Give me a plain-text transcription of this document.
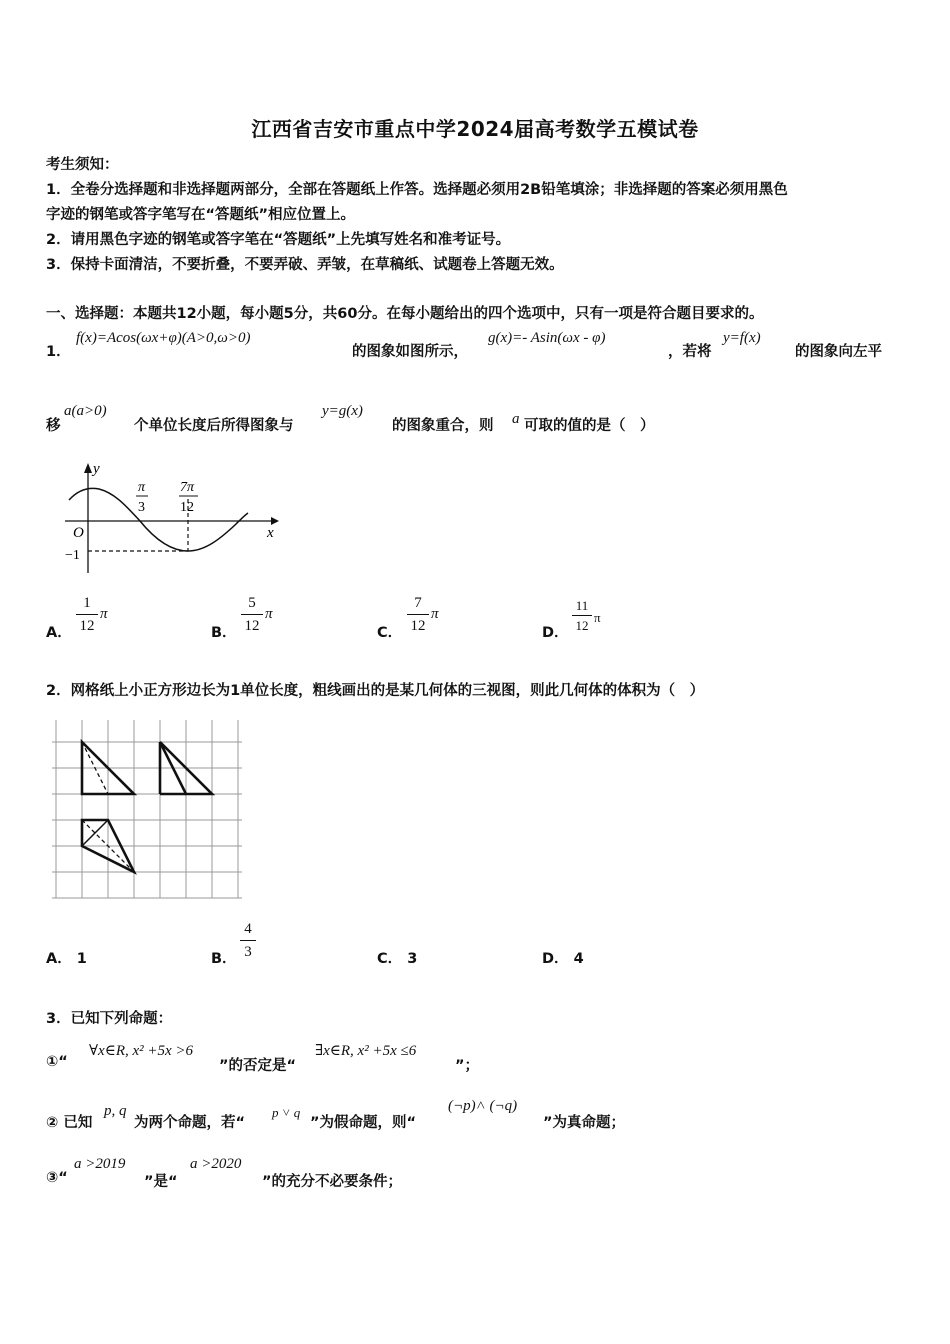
江西省吉安市重点中学2024届高考数学五模试卷
考生须知：
1．全卷分选择题和非选择题两部分，全部在答题纸上作答。选择题必须用2B铅笔填涂；非选择题的答案必须用黑色
字迹的钢笔或答字笔写在“答题纸”相应位置上。
2．请用黑色字迹的钢笔或答字笔在“答题纸”上先填写姓名和准考证号。
3．保持卡面清洁，不要折叠，不要弄破、弄皱，在草稿纸、试题卷上答题无效。
一、选择题：本题共12小题，每小题5分，共60分。在每小题给出的四个选项中，只有一项是符合题目要求的。
1．
f(x)=Acos(ωx+φ)(A>0,ω>0)
的图象如图所示，
g(x)=- Asin(ωx - φ)
，若将
y=f(x)
的图象向左平
移
a(a>0)
个单位长度后所得图象与
y=g(x)
的图象重合，则 a 可取的值的是（　）
y
x
O
−1
π
3
7π
12
A．
1
12
π
B．
5
12
π
C．
7
12
π
D．
11
12
π
2．网格纸上小正方形边长为1单位长度，粗线画出的是某几何体的三视图，则此几何体的体积为（　）
A． 1	B．
4
3	C． 3	D． 4
3．已知下列命题：
①“
∀x∈R, x² +5x >6
”的否定是“
∃x∈R, x² +5x ≤6
”；
② 已知
p, q
为两个命题，若“
p ˅ q
”为假命题，则“
(¬p)˄ (¬q)
”为真命题；
③“
a >2019
”是“
a >2020
”的充分不必要条件；
